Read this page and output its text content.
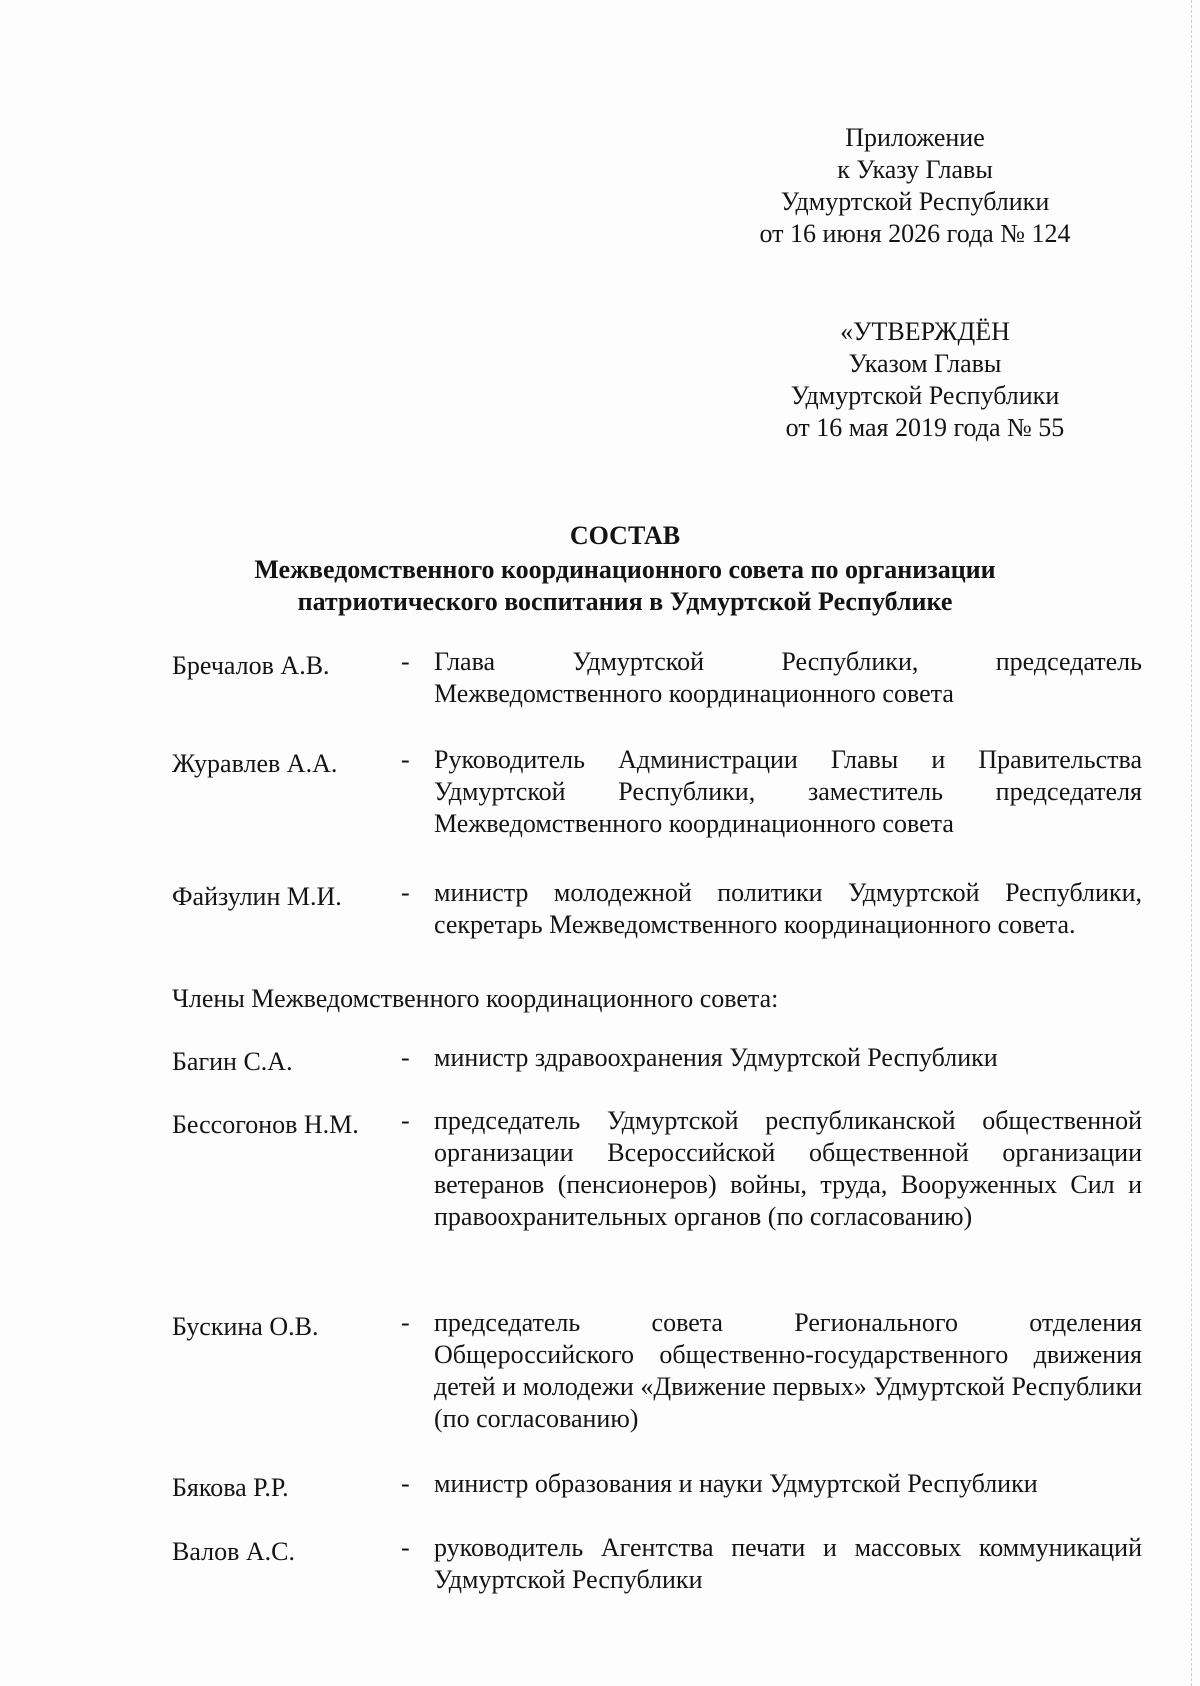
Приложение
к Указу Главы
Удмуртской Республики
от 16 июня 2026 года № 124
«УТВЕРЖДЁН
Указом Главы
Удмуртской Республики
от 16 мая 2019 года № 55
СОСТАВ
Межведомственного координационного совета по организации
патриотического воспитания в Удмуртской Республике
Бречалов А.В.	- Глава Удмуртской Республики, председатель Межведомственного координационного совета
Журавлев А.А. - Руководитель Администрации Главы и Правительства Удмуртской Республики, заместитель председателя Межведомственного координационного совета
Файзулин М.И. - министр молодежной политики Удмуртской Республики, секретарь Межведомственного координационного совета.
Члены Межведомственного координационного совета:
Багин С.А.	- министр здравоохранения Удмуртской Республики
Бессогонов Н.М. - председатель Удмуртской республиканской общественной организации Всероссийской общественной организации ветеранов (пенсионеров) войны, труда, Вооруженных Сил и правоохранительных органов (по согласованию)
Бускина О.В.	- председатель совета Регионального отделения Общероссийского общественно-государственного движения детей и молодежи «Движение первых» Удмуртской Республики (по согласованию)
Бякова Р.Р.	- министр образования и науки Удмуртской Республики
Валов А.С.	- руководитель Агентства печати и массовых коммуникаций Удмуртской Республики
